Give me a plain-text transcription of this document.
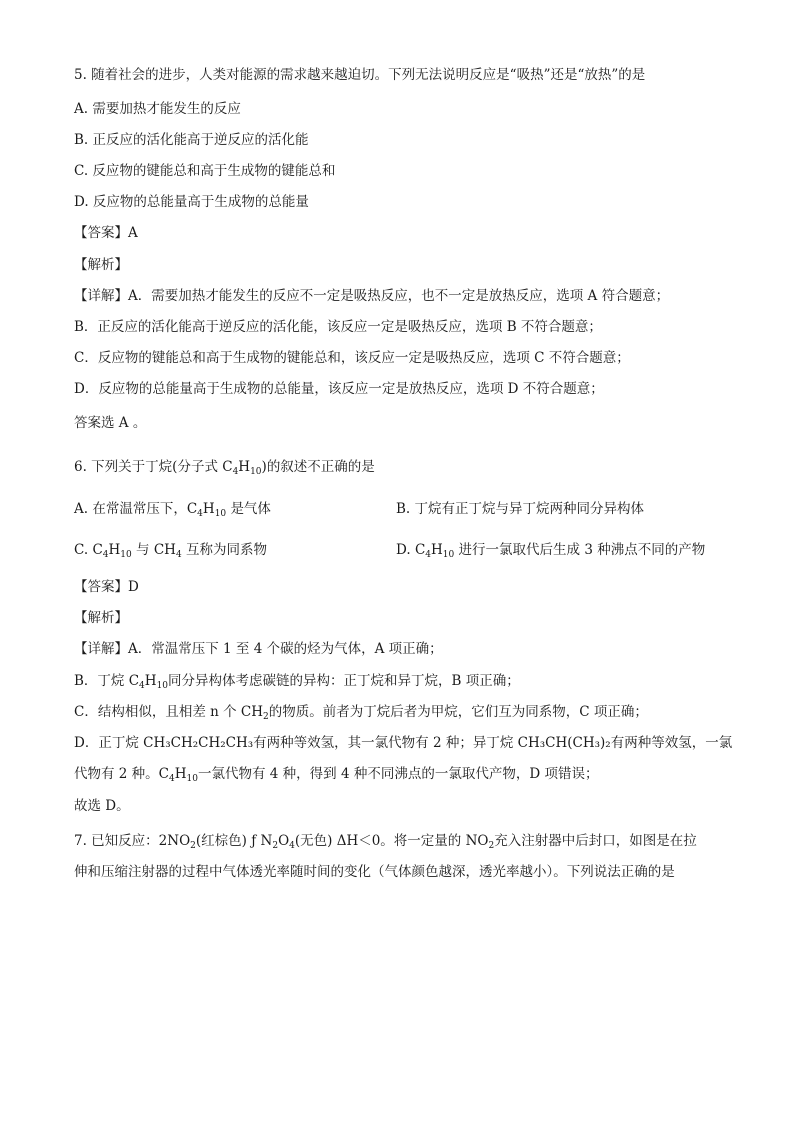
5. 随着社会的进步，人类对能源的需求越来越迫切。下列无法说明反应是“吸热”还是“放热”的是
A. 需要加热才能发生的反应
B. 正反应的活化能高于逆反应的活化能
C. 反应物的键能总和高于生成物的键能总和
D. 反应物的总能量高于生成物的总能量
【答案】A
【解析】
【详解】A．需要加热才能发生的反应不一定是吸热反应，也不一定是放热反应，选项 A 符合题意；
B．正反应的活化能高于逆反应的活化能，该反应一定是吸热反应，选项 B 不符合题意；
C．反应物的键能总和高于生成物的键能总和，该反应一定是吸热反应，选项 C 不符合题意；
D．反应物的总能量高于生成物的总能量，该反应一定是放热反应，选项 D 不符合题意；
答案选 A 。
6. 下列关于丁烷(分子式 $C_4H_{10}$)的叙述不正确的是
A. 在常温常压下，$C_4H_{10}$ 是气体	B. 丁烷有正丁烷与异丁烷两种同分异构体
C. $C_4H_{10}$ 与 $CH_4$ 互称为同系物	D. $C_4H_{10}$ 进行一氯取代后生成 3 种沸点不同的产物
【答案】D
【解析】
【详解】A．常温常压下 1 至 4 个碳的烃为气体，A 项正确；
B．丁烷 $C_4H_{10}$同分异构体考虑碳链的异构：正丁烷和异丁烷，B 项正确；
C．结构相似，且相差 n 个 $CH_2$的物质。前者为丁烷后者为甲烷，它们互为同系物，C 项正确；
D．正丁烷 CH₃CH₂CH₂CH₃有两种等效氢，其一氯代物有 2 种；异丁烷 CH₃CH(CH₃)₂有两种等效氢，一氯
代物有 2 种。$C_4H_{10}$一氯代物有 4 种，得到 4 种不同沸点的一氯取代产物，D 项错误；
故选 D。
7. 已知反应：$2NO_2$(红棕色) ƒ $N_2O_4$(无色) ΔH＜0。将一定量的 $NO_2$充入注射器中后封口，如图是在拉
伸和压缩注射器的过程中气体透光率随时间的变化（气体颜色越深，透光率越小）。下列说法正确的是
